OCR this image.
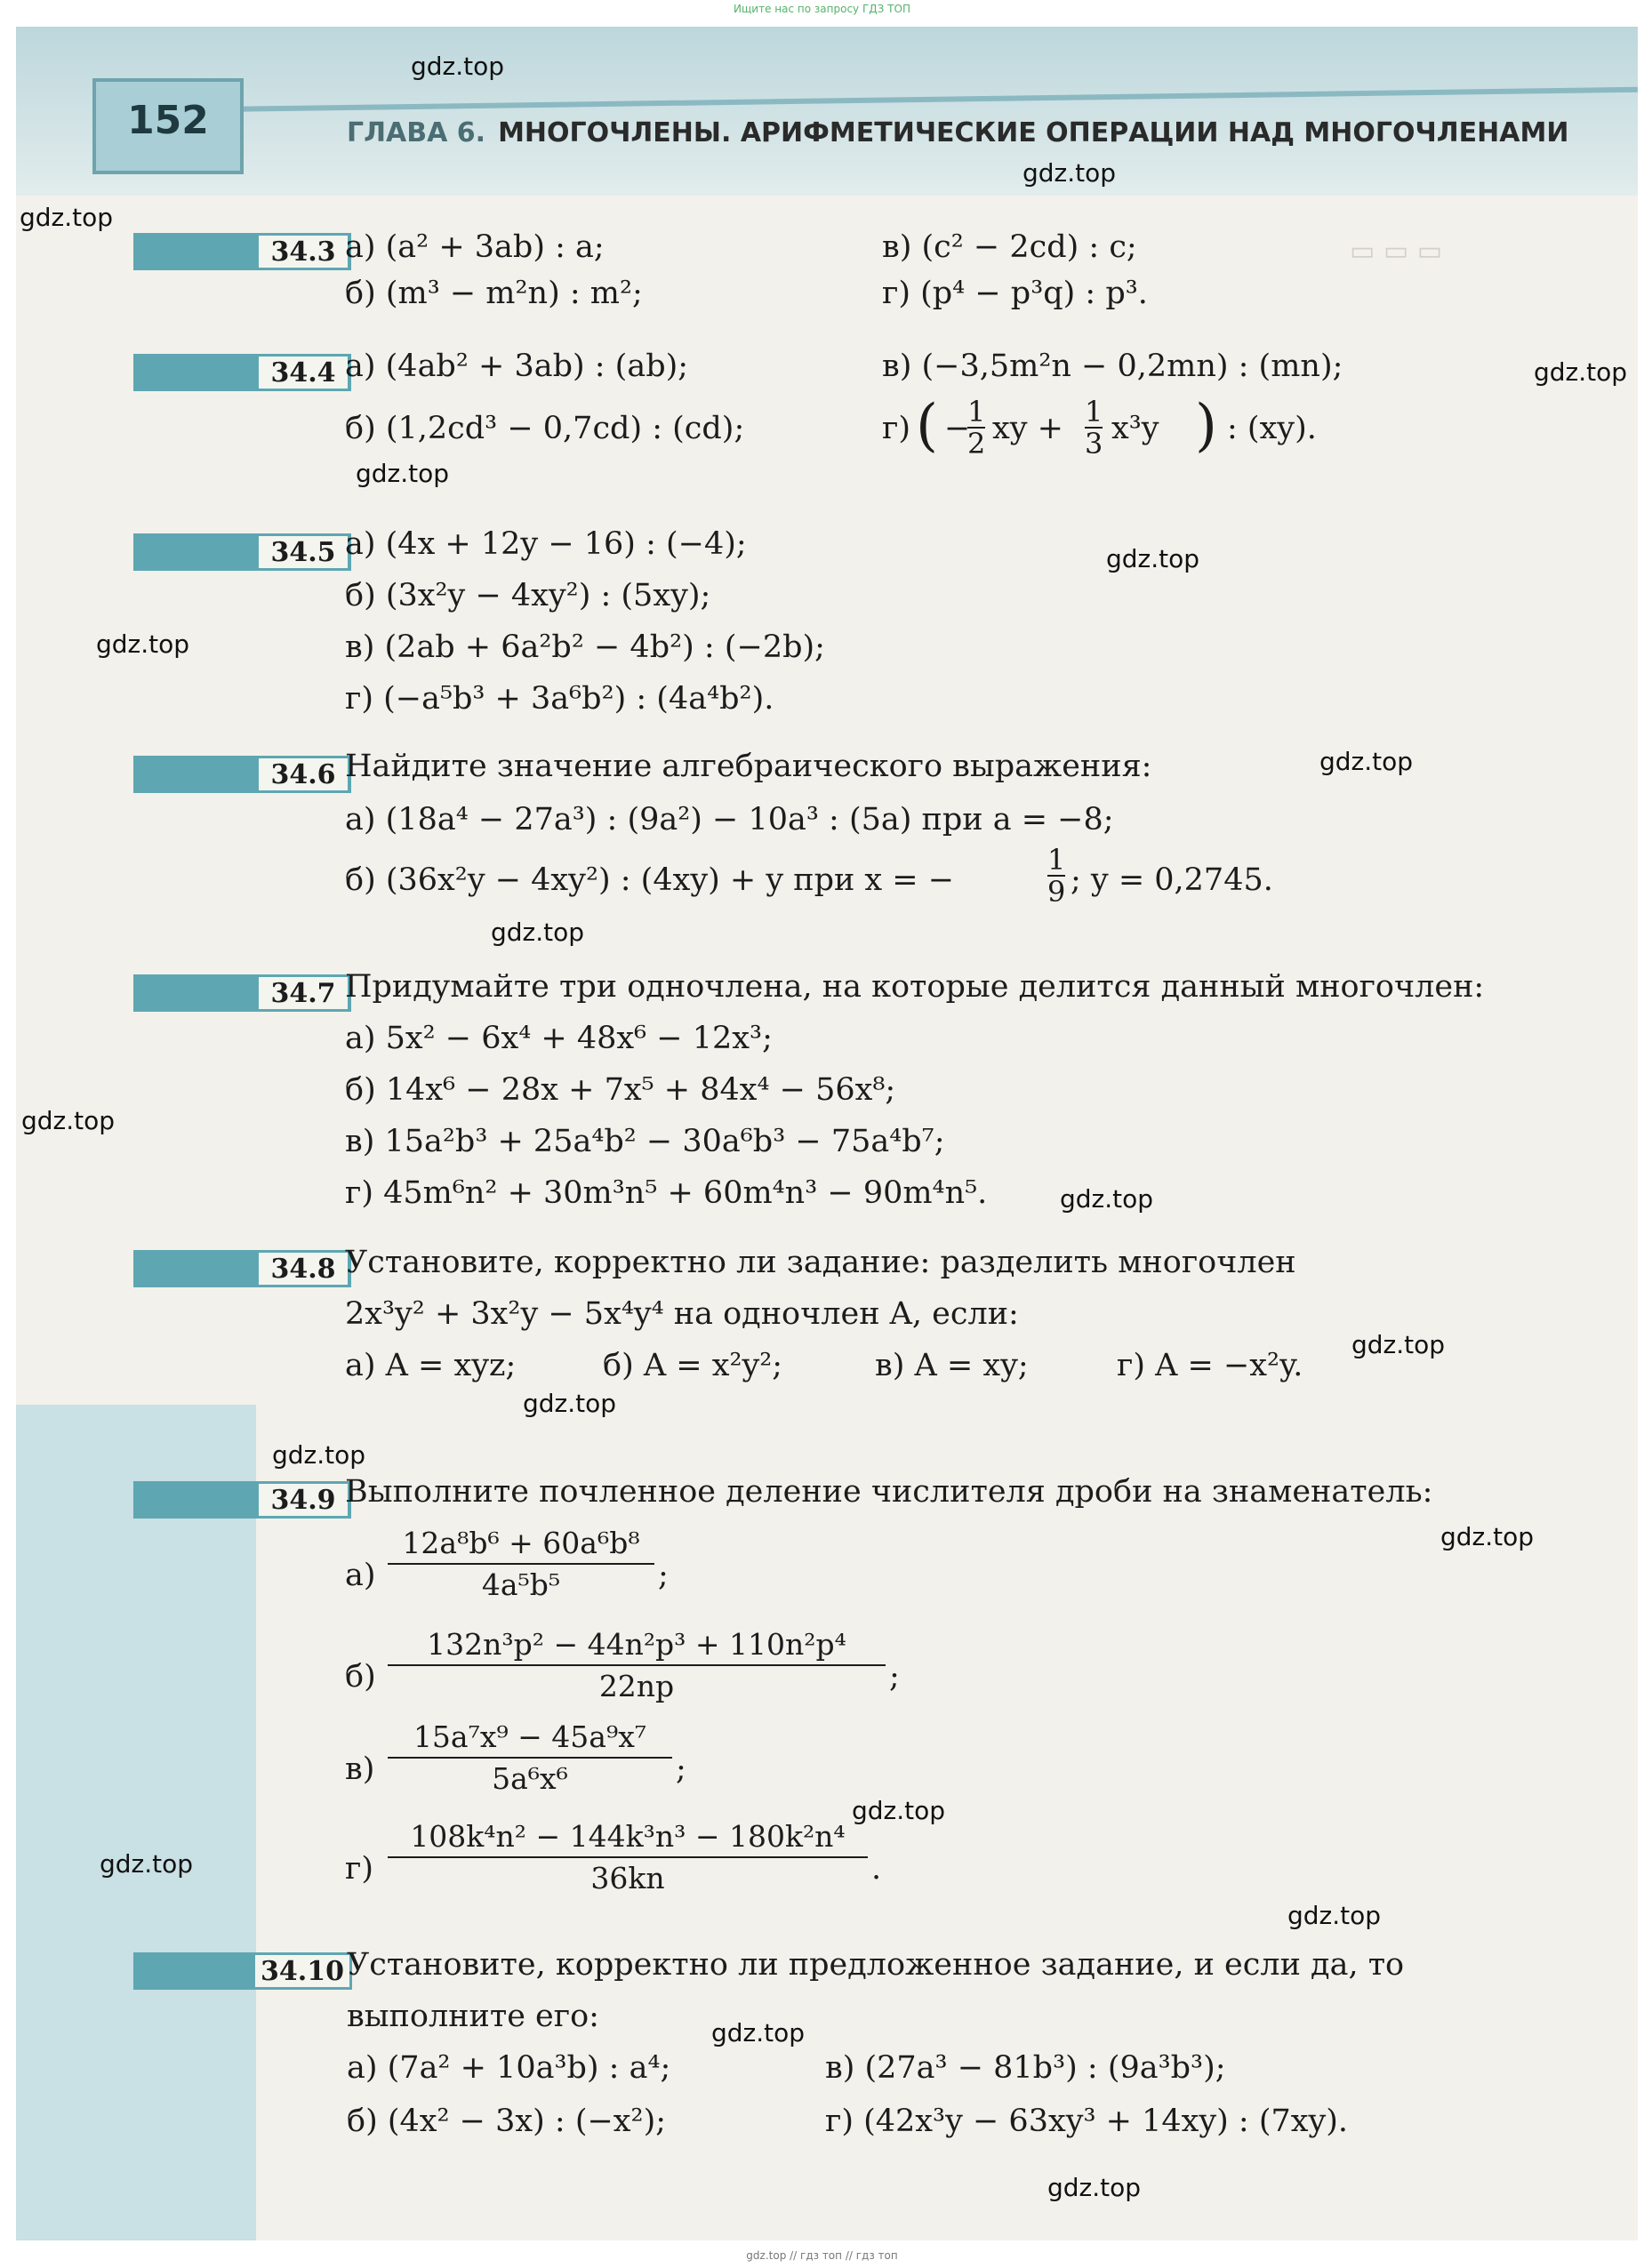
Ищите нас по запросу ГДЗ ТОП
152	ГЛАВА 6. МНОГОЧЛЕНЫ. АРИФМЕТИЧЕСКИЕ ОПЕРАЦИИ НАД МНОГОЧЛЕНАМИ
▭ ▭ ▭
34.3 а) (a² + 3ab) : a;
б) (m³ − m²n) : m²;
в) (c² − 2cd) : c;
г) (p⁴ − p³q) : p³.
34.4 а) (4ab² + 3ab) : (ab);
б) (1,2cd³ − 0,7cd) : (cd);
в) (−3,5m²n − 0,2mn) : (mn);
г) ( −
$\frac{1}{2}$ xy + $\frac{1}{3} x^3y$ ) : (xy).
34.5 а) (4x + 12y − 16) : (−4);
б) (3x²y − 4xy²) : (5xy);
в) (2ab + 6a²b² − 4b²) : (−2b);
г) (−a⁵b³ + 3a⁶b²) : (4a⁴b²).
34.6 Найдите значение алгебраического выражения:
а) (18a⁴ − 27a³) : (9a²) − 10a³ : (5a) при a = −8;
б) (36x²y − 4xy²) : (4xy) + y при x = −	$\frac{1}{9}$ ; y = 0,2745.
34.7 Придумайте три одночлена, на которые делится данный многочлен:
а) 5x² − 6x⁴ + 48x⁶ − 12x³;
б) 14x⁶ − 28x + 7x⁵ + 84x⁴ − 56x⁸;
в) 15a²b³ + 25a⁴b² − 30a⁶b³ − 75a⁴b⁷;
г) 45m⁶n² + 30m³n⁵ + 60m⁴n³ − 90m⁴n⁵.
34.8 Установите, корректно ли задание: разделить многочлен
2x³y² + 3x²y − 5x⁴y⁴ на одночлен A, если:
а) A = xyz;	б) A = x²y²;	в) A = xy;	г) A = −x²y.
34.9 Выполните почленное деление числителя дроби на знаменатель:
$а) \frac{\text{12a⁸b⁶ + 60a⁶b⁸}}{\text{4a⁵b⁵}}$ ;
$б) \frac{\text{132n³p² − 44n²p³ + 110n²p⁴}}{22np}$ ;
$в) \frac{\text{15a⁷x⁹ − 45a⁹x⁷}}{\text{5a⁶x⁶}}$ ;
$г) \frac{\text{108k⁴n² − 144k³n³ − 180k²n⁴}}{36kn}$ .
34.10 Установите, корректно ли предложенное задание, и если да, то
выполните его:
а) (7a² + 10a³b) : a⁴;
б) (4x² − 3x) : (−x²);
в) (27a³ − 81b³) : (9a³b³);
г) (42x³y − 63xy³ + 14xy) : (7xy).
gdz.top
gdz.top
gdz.top
gdz.top
gdz.top
gdz.top
gdz.top
gdz.top
gdz.top
gdz.top
gdz.top
gdz.top
gdz.top
gdz.top
gdz.top
gdz.top
gdz.top
gdz.top
gdz.top
gdz.top
gdz.top // гдз топ // гдз топ
